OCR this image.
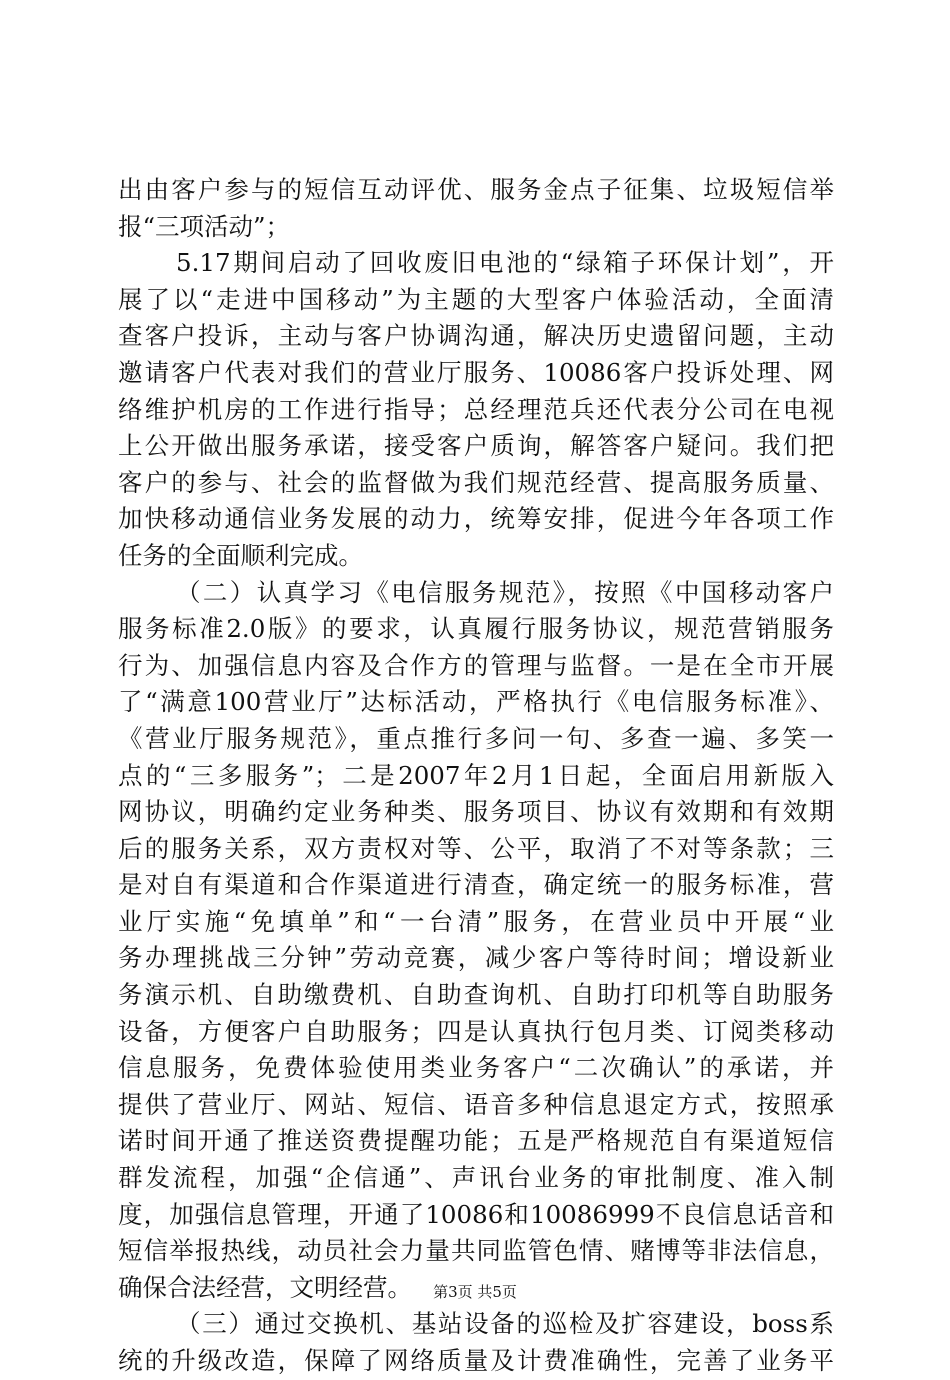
出由客户参与的短信互动评优、服务金点子征集、垃圾短信举
报“三项活动”；
5.17期间启动了回收废旧电池的“绿箱子环保计划”，开
展了以“走进中国移动”为主题的大型客户体验活动，全面清
查客户投诉，主动与客户协调沟通，解决历史遗留问题，主动
邀请客户代表对我们的营业厅服务、10086客户投诉处理、网
络维护机房的工作进行指导；总经理范兵还代表分公司在电视
上公开做出服务承诺，接受客户质询，解答客户疑问。我们把
客户的参与、社会的监督做为我们规范经营、提高服务质量、
加快移动通信业务发展的动力，统筹安排，促进今年各项工作
任务的全面顺利完成。
（二）认真学习《电信服务规范》，按照《中国移动客户
服务标准2.0版》的要求，认真履行服务协议，规范营销服务
行为、加强信息内容及合作方的管理与监督。一是在全市开展
了“满意100营业厅”达标活动，严格执行《电信服务标准》、
《营业厅服务规范》，重点推行多问一句、多查一遍、多笑一
点的“三多服务”；二是2007年2月1日起，全面启用新版入
网协议，明确约定业务种类、服务项目、协议有效期和有效期
后的服务关系，双方责权对等、公平，取消了不对等条款；三
是对自有渠道和合作渠道进行清查，确定统一的服务标准，营
业厅实施“免填单”和“一台清”服务，在营业员中开展“业
务办理挑战三分钟”劳动竞赛，减少客户等待时间；增设新业
务演示机、自助缴费机、自助查询机、自助打印机等自助服务
设备，方便客户自助服务；四是认真执行包月类、订阅类移动
信息服务，免费体验使用类业务客户“二次确认”的承诺，并
提供了营业厅、网站、短信、语音多种信息退定方式，按照承
诺时间开通了推送资费提醒功能；五是严格规范自有渠道短信
群发流程，加强“企信通”、声讯台业务的审批制度、准入制
度，加强信息管理，开通了10086和10086999不良信息话音和
短信举报热线，动员社会力量共同监管色情、赌博等非法信息，
确保合法经营，文明经营。
（三）通过交换机、基站设备的巡检及扩容建设，boss系
统的升级改造，保障了网络质量及计费准确性，完善了业务平
第3页 共5页
